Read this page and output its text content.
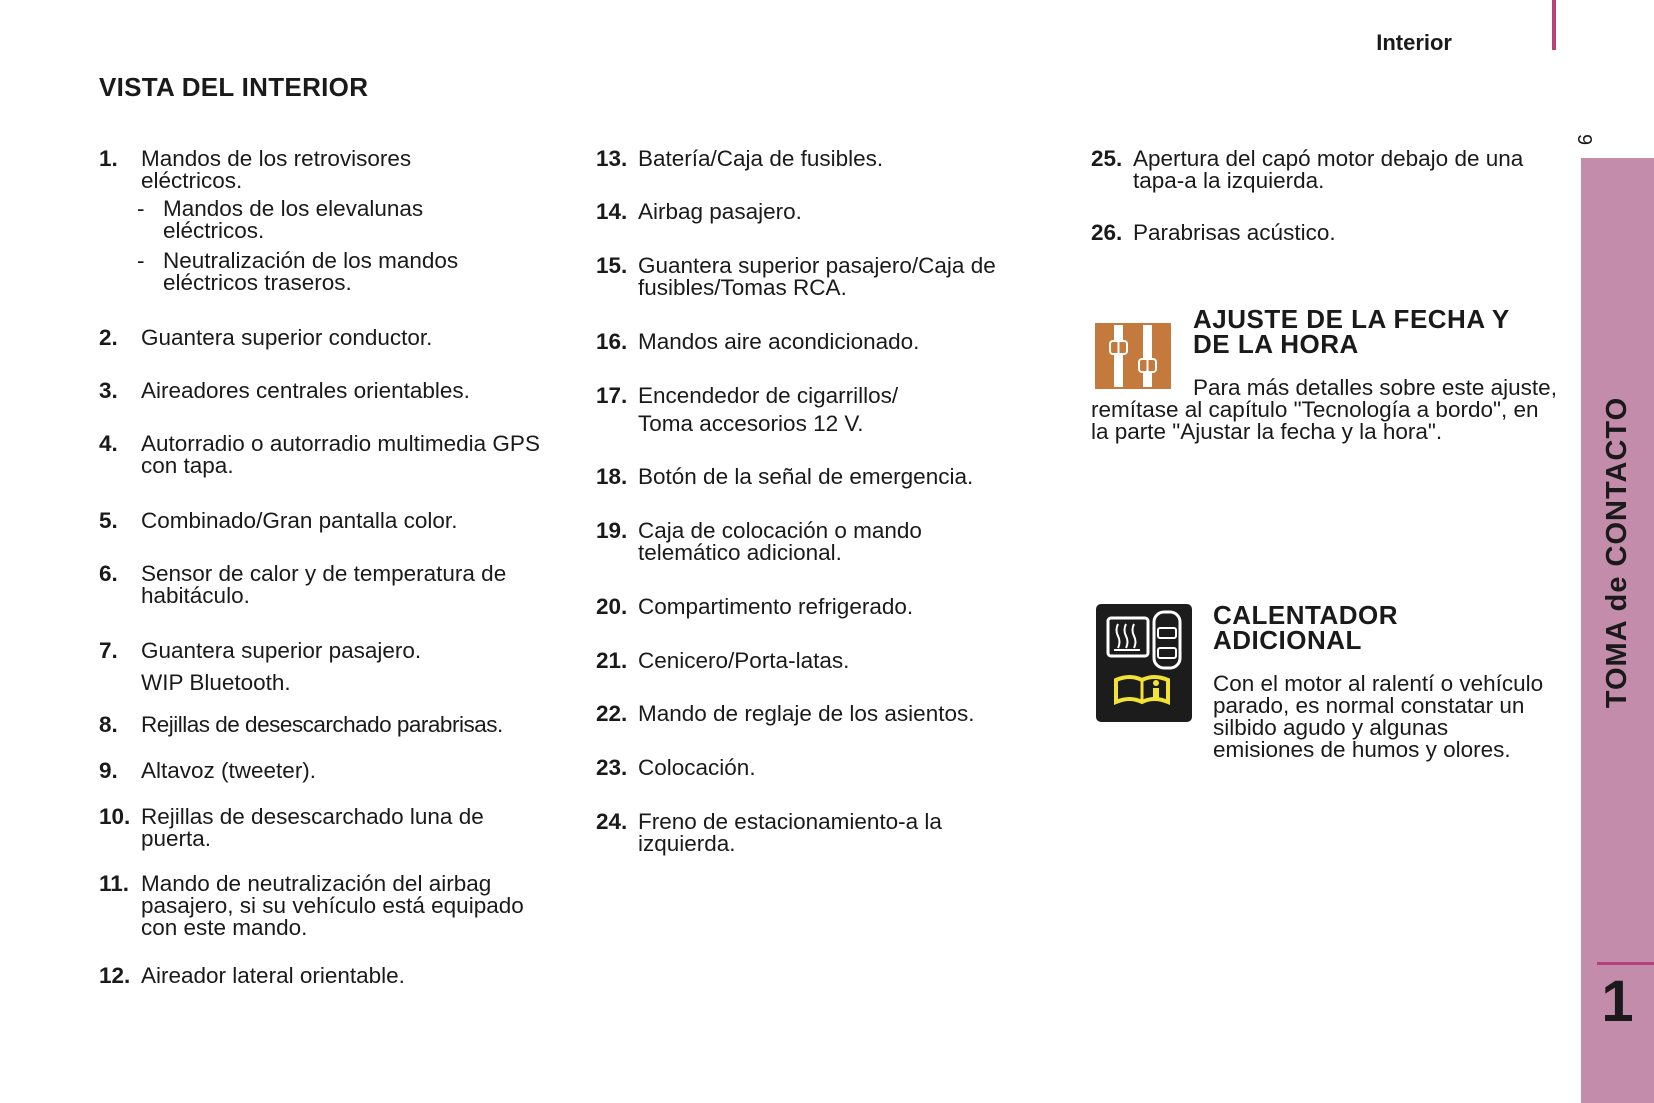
Interior
9
TOMA de CONTACTO
1
VISTA DEL INTERIOR
1.	Mandos de los retrovisores eléctricos.
- Mandos de los elevalunas eléctricos.
- Neutralización de los mandos eléctricos traseros.
2.	Guantera superior conductor.
3.	Aireadores centrales orientables.
4.	Autorradio o autorradio multimedia GPS con tapa.
5.	Combinado/Gran pantalla color.
6.	Sensor de calor y de temperatura de habitáculo.
7.	Guantera superior pasajero.
WIP Bluetooth.
8.	Rejillas de desescarchado parabrisas.
9.	Altavoz (tweeter).
10. Rejillas de desescarchado luna de puerta.
11. Mando de neutralización del airbag pasajero, si su vehículo está equipado con este mando.
12. Aireador lateral orientable.
13. Batería/Caja de fusibles.
14. Airbag pasajero.
15. Guantera superior pasajero/Caja de fusibles/Tomas RCA.
16. Mandos aire acondicionado.
17. Encendedor de cigarrillos/
Toma accesorios 12 V.
18. Botón de la señal de emergencia.
19. Caja de colocación o mando telemático adicional.
20. Compartimento refrigerado.
21. Cenicero/Porta-latas.
22. Mando de reglaje de los asientos.
23. Colocación.
24. Freno de estacionamiento-a la izquierda.
25. Apertura del capó motor debajo de una tapa-a la izquierda.
26. Parabrisas acústico.
AJUSTE DE LA FECHA Y DE LA HORA
Para más detalles sobre este ajuste, remítase al capítulo "Tecnología a bordo", en la parte "Ajustar la fecha y la hora".
CALENTADOR ADICIONAL
Con el motor al ralentí o vehículo parado, es normal constatar un silbido agudo y algunas emisiones de humos y olores.
